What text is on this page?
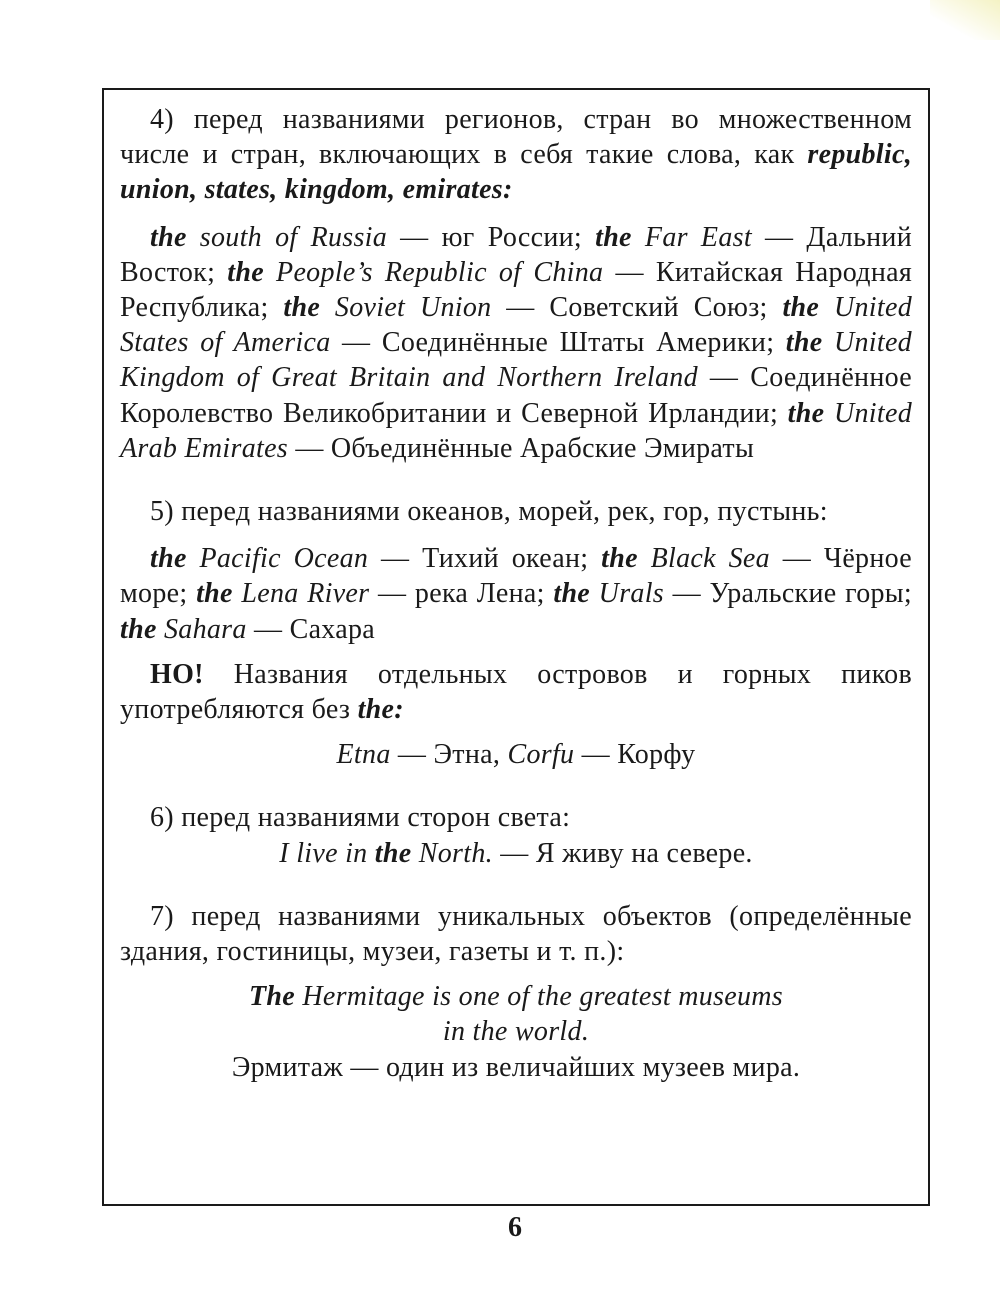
4) перед названиями регионов, стран во множественном числе и стран, включающих в себя такие слова, как republic, union, states, kingdom, emirates:

the south of Russia — юг России; the Far East — Дальний Восток; the People’s Republic of China — Китайская Народная Республика; the Soviet Union — Советский Союз; the United States of America — Соединённые Штаты Америки; the United Kingdom of Great Britain and Northern Ireland — Соединённое Королевство Великобритании и Северной Ирландии; the United Arab Emirates — Объединённые Арабские Эмираты

5) перед названиями океанов, морей, рек, гор, пустынь:

the Pacific Ocean — Тихий океан; the Black Sea — Чёрное море; the Lena River — река Лена; the Urals — Уральские горы; the Sahara — Сахара

НО! Названия отдельных островов и горных пиков употребляются без the:

Etna — Этна, Corfu — Корфу

6) перед названиями сторон света:

I live in the North. — Я живу на севере.

7) перед названиями уникальных объектов (определённые здания, гостиницы, музеи, газеты и т. п.):

The Hermitage is one of the greatest museums

in the world.

Эрмитаж — один из величайших музеев мира.

6
